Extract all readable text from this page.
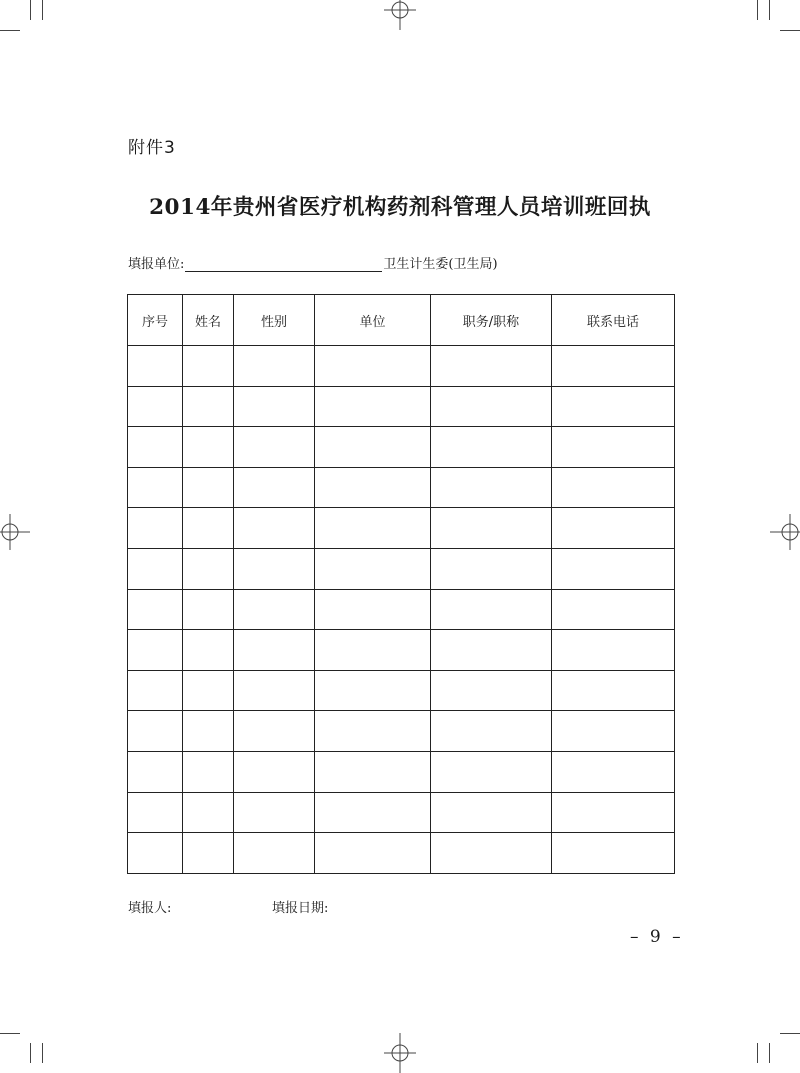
附件3
2014年贵州省医疗机构药剂科管理人员培训班回执
填报单位:	卫生计生委(卫生局)
序号	姓名	性别	单位	职务/职称	联系电话

填报人:	填报日期:
– 9 –
